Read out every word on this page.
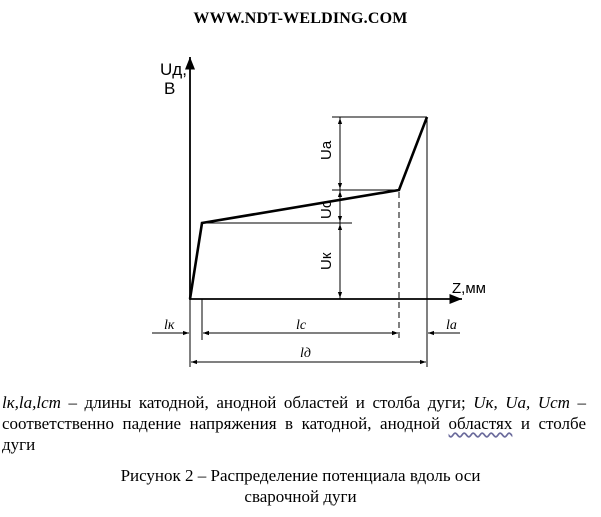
WWW.NDT-WELDING.COM
Uд,
В
Z,мм
Ua
Uc
Uк
lк	lc	la
lд
lк,lа,lст – длины катодной, анодной областей и столба дуги; Uк, Ua, Uст – соответственно падение напряжения в катодной, анодной областях и столбе дуги
Рисунок 2 – Распределение потенциала вдоль оси
сварочной дуги
